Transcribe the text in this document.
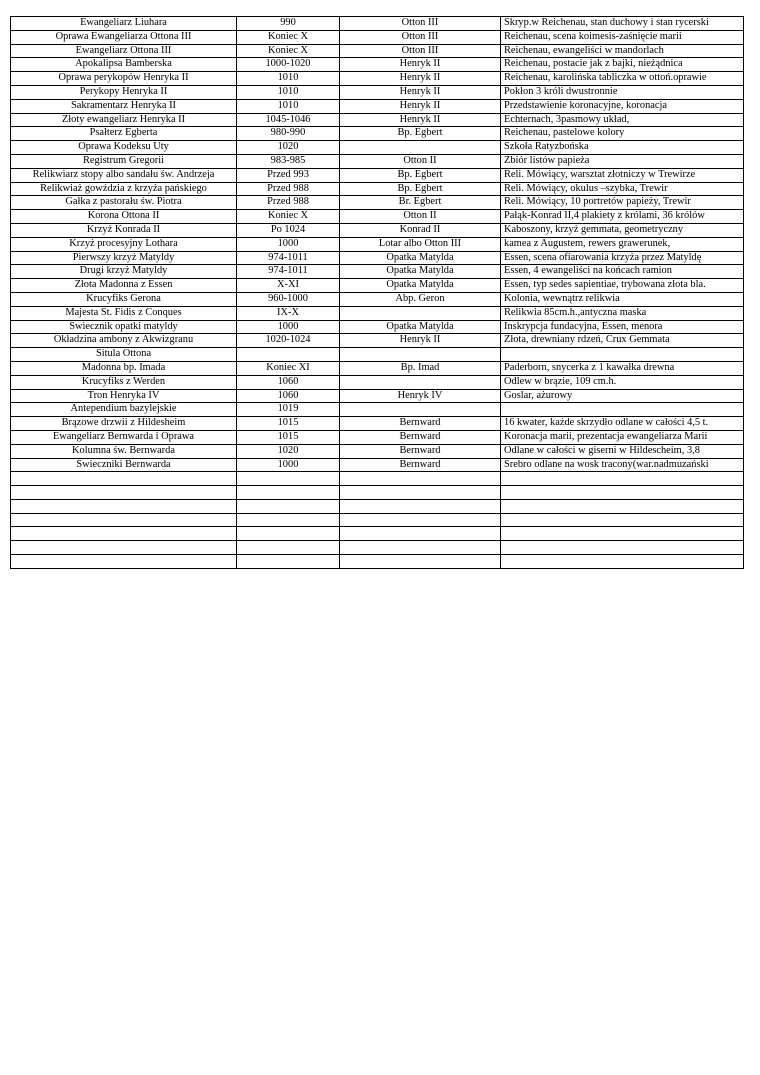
Ewangeliarz Liuhara	990	Otton III	Skryp.w Reichenau, stan duchowy i stan rycerski
Oprawa Ewangeliarza Ottona III	Koniec X	Otton III	Reichenau, scena koimesis-zaśnięcie marii
Ewangeliarz Ottona III	Koniec X	Otton III	Reichenau, ewangeliści w mandorlach
Apokalipsa Bamberska	1000-1020	Henryk II	Reichenau, postacie jak z bajki, nieżądnica
Oprawa perykopów Henryka II	1010	Henryk II	Reichenau, karolińska tabliczka w ottoń.oprawie
Perykopy Henryka II	1010	Henryk II	Pokłon 3 króli dwustronnie
Sakramentarz Henryka II	1010	Henryk II	Przedstawienie koronacyjne, koronacja
Złoty ewangeliarz Henryka II	1045-1046	Henryk II	Echternach, 3pasmowy układ,
Psałterz Egberta	980-990	Bp. Egbert	Reichenau, pastelowe kolory
Oprawa Kodeksu Uty	1020		Szkoła Ratyzbońska
Registrum Gregorii	983-985	Otton II	Zbiór listów papieża
Relikwiarz stopy albo sandału św. Andrzeja	Przed 993	Bp. Egbert	Reli. Mówiący, warsztat złotniczy w Trewirze
Relikwiaż gowździa z krzyża pańskiego	Przed 988	Bp. Egbert	Reli. Mówiący, okulus –szybka, Trewir
Gałka z pastorału św. Piotra	Przed 988	Br. Egbert	Reli. Mówiący, 10 portretów papieży, Trewir
Korona Ottona II	Koniec X	Otton II	Pałąk-Konrad II,4 plakiety z królami, 36 królów
Krzyż Konrada II	Po 1024	Konrad II	Kaboszony, krzyż gemmata, geometryczny
Krzyż procesyjny Lothara	1000	Lotar albo Otton III	kamea z Augustem, rewers grawerunek,
Pierwszy krzyż Matyldy	974-1011	Opatka Matylda	Essen, scena ofiarowania krzyża przez Matyldę
Drugi krzyż Matyldy	974-1011	Opatka Matylda	Essen, 4 ewangeliści na końcach ramion
Złota Madonna z Essen	X-XI	Opatka Matylda	Essen, typ sedes sapientiae, trybowana złota bla.
Krucyfiks Gerona	960-1000	Abp. Geron	Kolonia, wewnątrz relikwia
Majesta St. Fidis z Conques	IX-X		Relikwia 85cm.h.,antyczna maska
Świecznik opatki matyldy	1000	Opatka Matylda	Inskrypcja fundacyjna, Essen, menora
Okładzina ambony z Akwizgranu	1020-1024	Henryk II	Złota, drewniany rdzeń, Crux Gemmata
Situla Ottona			
Madonna bp. Imada	Koniec XI	Bp. Imad	Paderborn, snycerka z 1 kawałka drewna
Krucyfiks z Werden	1060		Odlew w brązie, 109 cm.h.
Tron Henryka IV	1060	Henryk IV	Goslar, ażurowy
Antependium bazylejskie	1019		
Brązowe drzwii z Hildesheim	1015	Bernward	16 kwater, każde skrzydło odlane w całości 4,5 t.
Ewangeliarz Bernwarda i Oprawa	1015	Bernward	Koronacja marii, prezentacja ewangeliarza Marii
Kolumna św. Bernwarda	1020	Bernward	Odlane w całości w giserni w Hildescheim, 3,8
Świeczniki Bernwarda	1000	Bernward	Srebro odlane na wosk tracony(war.nadmuzański
